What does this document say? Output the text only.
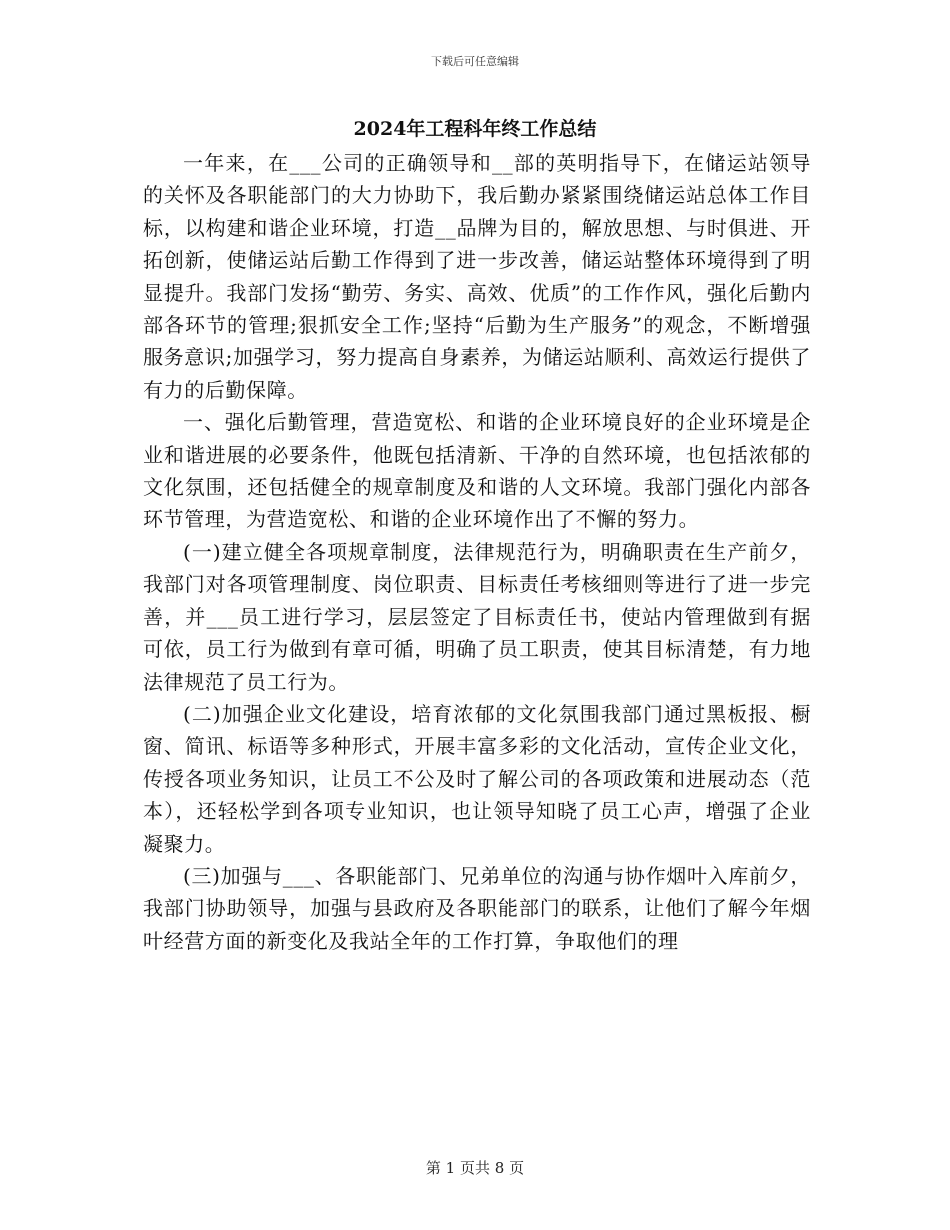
下载后可任意编辑
2024年工程科年终工作总结

一年来，在___公司的正确领导和__部的英明指导下，在储运站领导的关怀及各职能部门的大力协助下，我后勤办紧紧围绕储运站总体工作目标，以构建和谐企业环境，打造__品牌为目的，解放思想、与时俱进、开拓创新，使储运站后勤工作得到了进一步改善，储运站整体环境得到了明显提升。我部门发扬“勤劳、务实、高效、优质”的工作作风，强化后勤内部各环节的管理;狠抓安全工作;坚持“后勤为生产服务”的观念，不断增强服务意识;加强学习，努力提高自身素养，为储运站顺利、高效运行提供了有力的后勤保障。

一、强化后勤管理，营造宽松、和谐的企业环境良好的企业环境是企业和谐进展的必要条件，他既包括清新、干净的自然环境，也包括浓郁的文化氛围，还包括健全的规章制度及和谐的人文环境。我部门强化内部各环节管理，为营造宽松、和谐的企业环境作出了不懈的努力。

(一)建立健全各项规章制度，法律规范行为，明确职责在生产前夕，我部门对各项管理制度、岗位职责、目标责任考核细则等进行了进一步完善，并___员工进行学习，层层签定了目标责任书，使站内管理做到有据可依，员工行为做到有章可循，明确了员工职责，使其目标清楚，有力地法律规范了员工行为。

(二)加强企业文化建设，培育浓郁的文化氛围我部门通过黑板报、橱窗、简讯、标语等多种形式，开展丰富多彩的文化活动，宣传企业文化，传授各项业务知识，让员工不公及时了解公司的各项政策和进展动态（范本），还轻松学到各项专业知识，也让领导知晓了员工心声，增强了企业凝聚力。

(三)加强与___、各职能部门、兄弟单位的沟通与协作烟叶入库前夕，我部门协助领导，加强与县政府及各职能部门的联系，让他们了解今年烟叶经营方面的新变化及我站全年的工作打算，争取他们的理

第 1 页共 8 页
